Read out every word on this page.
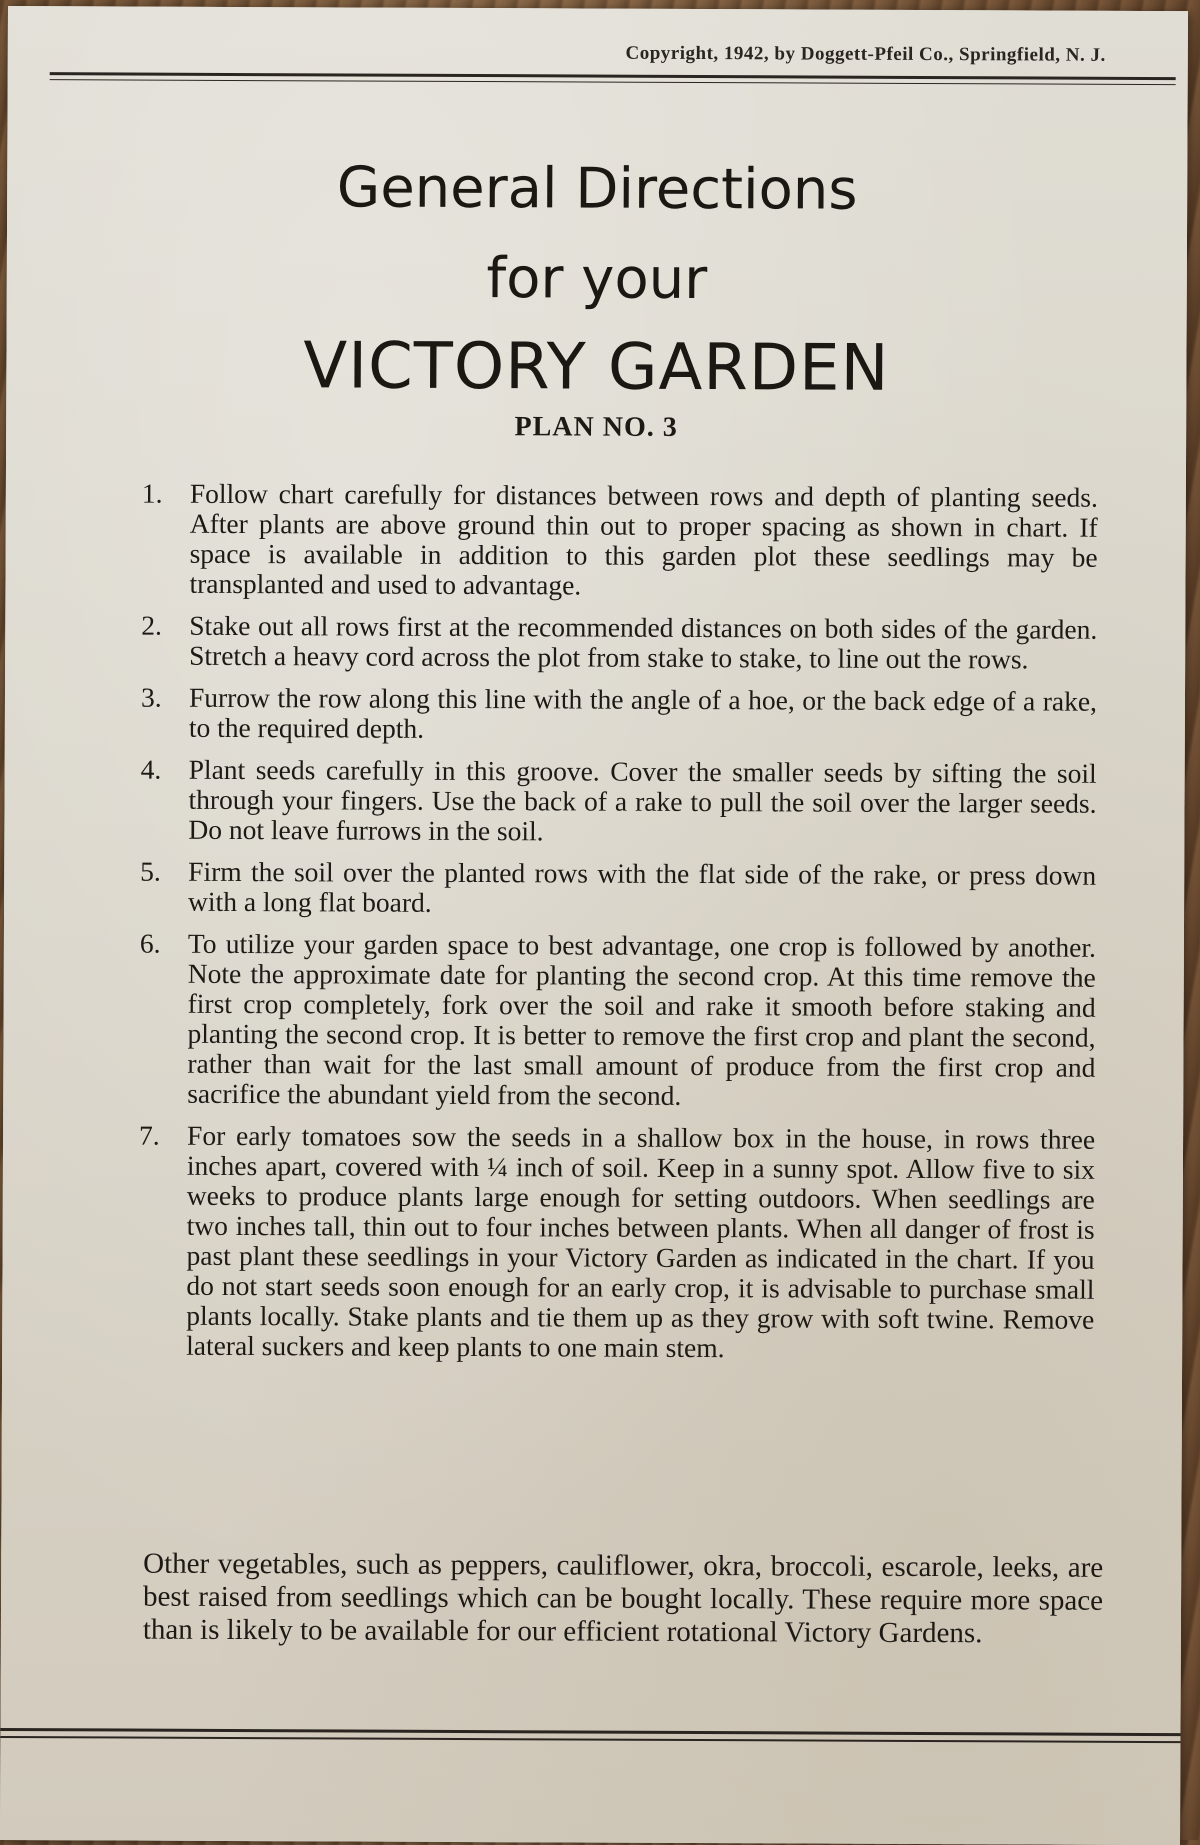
Copyright, 1942, by Doggett-Pfeil Co., Springfield, N. J.
General Directions
for your
VICTORY GARDEN
PLAN NO. 3
1. Follow chart carefully for distances between rows and depth of planting seeds. After plants are above ground thin out to proper spacing as shown in chart. If space is available in addition to this garden plot these seedlings may be transplanted and used to advantage.
2. Stake out all rows first at the recommended distances on both sides of the garden. Stretch a heavy cord across the plot from stake to stake, to line out the rows.
3. Furrow the row along this line with the angle of a hoe, or the back edge of a rake, to the required depth.
4. Plant seeds carefully in this groove. Cover the smaller seeds by sifting the soil through your fingers. Use the back of a rake to pull the soil over the larger seeds. Do not leave furrows in the soil.
5. Firm the soil over the planted rows with the flat side of the rake, or press down with a long flat board.
6. To utilize your garden space to best advantage, one crop is followed by another. Note the approximate date for planting the second crop. At this time remove the first crop completely, fork over the soil and rake it smooth before staking and planting the second crop. It is better to remove the first crop and plant the second, rather than wait for the last small amount of produce from the first crop and sacrifice the abundant yield from the second.
7. For early tomatoes sow the seeds in a shallow box in the house, in rows three inches apart, covered with ¼ inch of soil. Keep in a sunny spot. Allow five to six weeks to produce plants large enough for setting outdoors. When seedlings are two inches tall, thin out to four inches between plants. When all danger of frost is past plant these seedlings in your Victory Garden as indicated in the chart. If you do not start seeds soon enough for an early crop, it is advisable to purchase small plants locally. Stake plants and tie them up as they grow with soft twine. Remove lateral suckers and keep plants to one main stem.

Other vegetables, such as peppers, cauliflower, okra, broccoli, escarole, leeks, are best raised from seedlings which can be bought locally. These require more space than is likely to be available for our efficient rotational Victory Gardens.
